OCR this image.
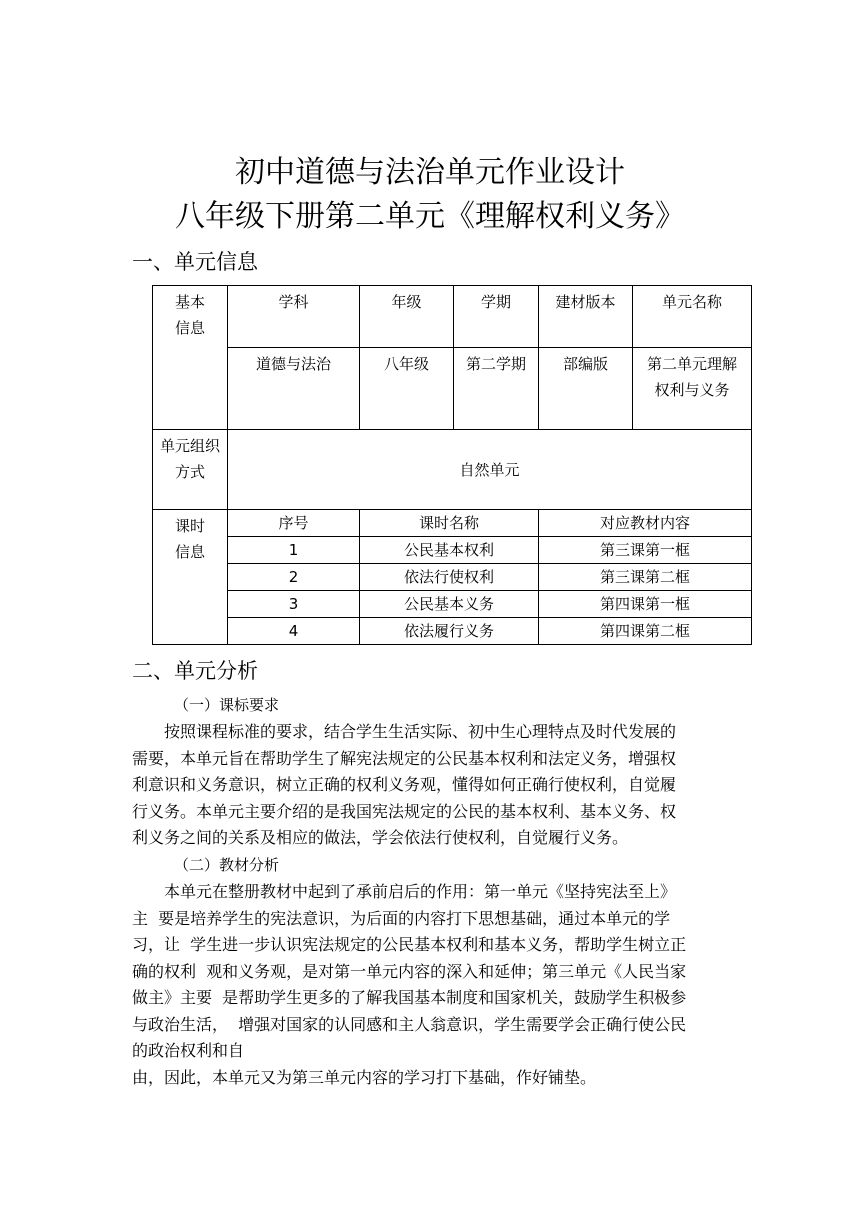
初中道德与法治单元作业设计
八年级下册第二单元《理解权利义务》
一、单元信息
基本信息	学科	年级	学期	建材版本	单元名称
	道德与法治	八年级	第二学期	部编版	第二单元理解权利与义务

单元组织方式	自然单元				

课时信息	序号	课时名称		对应教材内容	
	1	公民基本权利		第三课第一框	
	2	依法行使权利		第三课第二框	
	3	公民基本义务		第四课第一框	
	4	依法履行义务		第四课第二框	
二、单元分析
（一）课标要求
　　按照课程标准的要求，结合学生生活实际、初中生心理特点及时代发展的
需要，本单元旨在帮助学生了解宪法规定的公民基本权利和法定义务，增强权
利意识和义务意识，树立正确的权利义务观，懂得如何正确行使权利，自觉履
行义务。本单元主要介绍的是我国宪法规定的公民的基本权利、基本义务、权
利义务之间的关系及相应的做法，学会依法行使权利，自觉履行义务。
（二）教材分析
　　本单元在整册教材中起到了承前启后的作用：第一单元《坚持宪法至上》
主  要是培养学生的宪法意识，为后面的内容打下思想基础，通过本单元的学
习，让  学生进一步认识宪法规定的公民基本权利和基本义务，帮助学生树立正
确的权利  观和义务观，是对第一单元内容的深入和延伸；第三单元《人民当家
做主》主要  是帮助学生更多的了解我国基本制度和国家机关，鼓励学生积极参
与政治生活，  增强对国家的认同感和主人翁意识，学生需要学会正确行使公民
的政治权利和自
由，因此，本单元又为第三单元内容的学习打下基础，作好铺垫。
